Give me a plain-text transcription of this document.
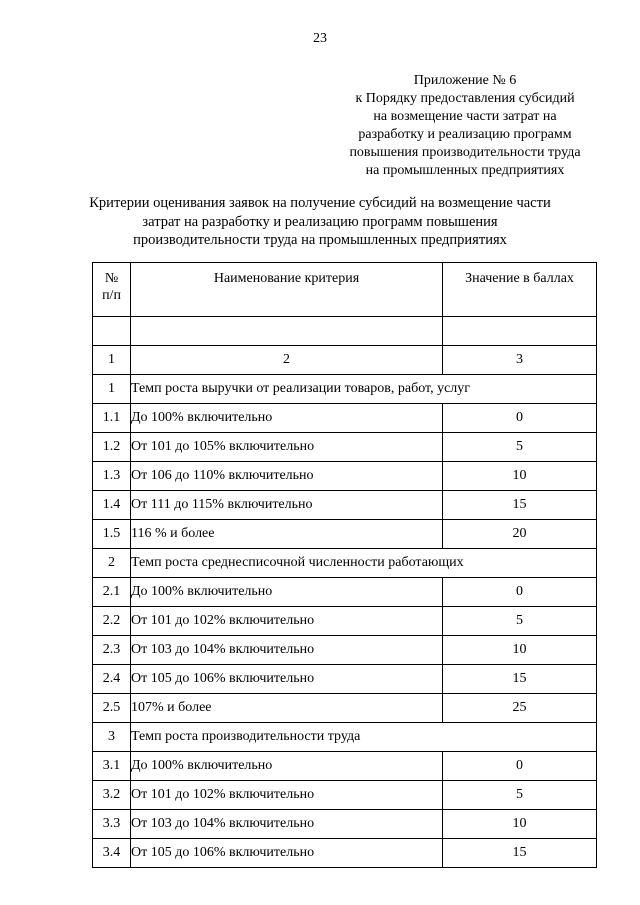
23
Приложение № 6
к Порядку предоставления субсидий
на возмещение части затрат на
разработку и реализацию программ
повышения производительности труда
на промышленных предприятиях
Критерии оценивания заявок на получение субсидий на возмещение части
затрат на разработку и реализацию программ повышения
производительности труда на промышленных предприятиях
№
п/п	Наименование критерия	Значение в баллах

1	2	3
1	Темп роста выручки от реализации товаров, работ, услуг	
1.1	До 100% включительно	0
1.2	От 101 до 105% включительно	5
1.3	От 106 до 110% включительно	10
1.4	От 111 до 115% включительно	15
1.5	116 % и более	20
2	Темп роста среднесписочной численности работающих	
2.1	До 100% включительно	0
2.2	От 101 до 102% включительно	5
2.3	От 103 до 104% включительно	10
2.4	От 105 до 106% включительно	15
2.5	107% и более	25
3	Темп роста производительности труда	
3.1	До 100% включительно	0
3.2	От 101 до 102% включительно	5
3.3	От 103 до 104% включительно	10
3.4	От 105 до 106% включительно	15
